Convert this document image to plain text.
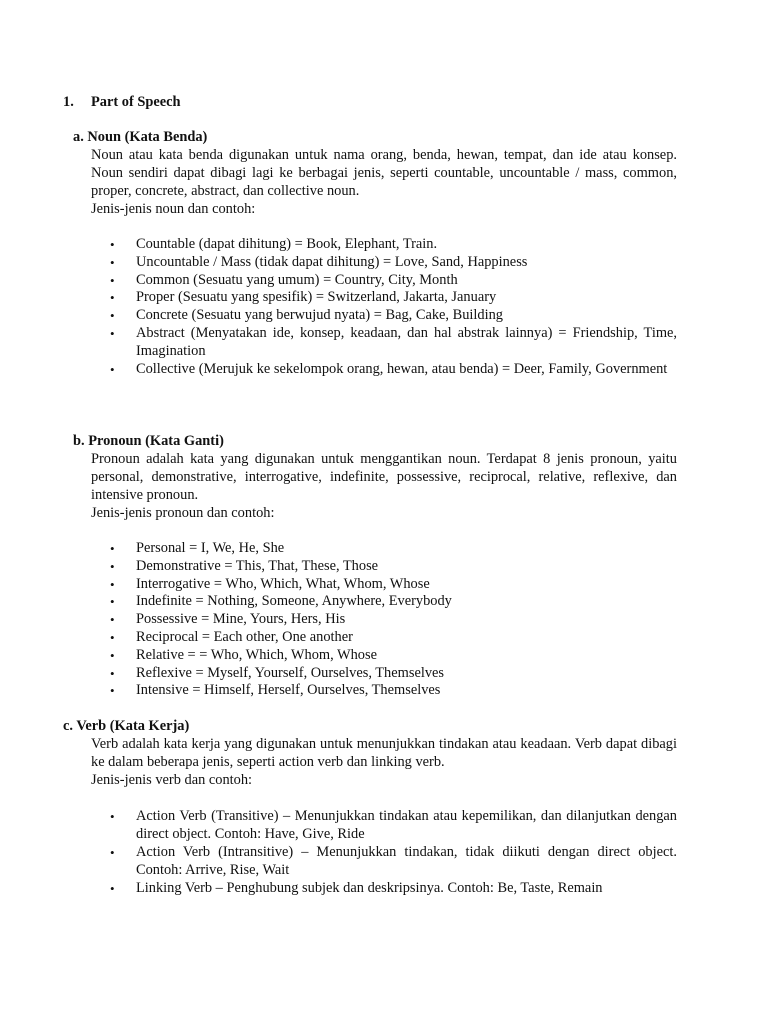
1. Part of Speech
a. Noun (Kata Benda)

Noun atau kata benda digunakan untuk nama orang, benda, hewan, tempat, dan ide atau konsep. Noun sendiri dapat dibagi lagi ke berbagai jenis, seperti countable, uncountable / mass, common, proper, concrete, abstract, dan collective noun.

Jenis-jenis noun dan contoh:
• Countable (dapat dihitung) = Book, Elephant, Train.
• Uncountable / Mass (tidak dapat dihitung) = Love, Sand, Happiness
• Common (Sesuatu yang umum) = Country, City, Month
• Proper (Sesuatu yang spesifik) = Switzerland, Jakarta, January
• Concrete (Sesuatu yang berwujud nyata) = Bag, Cake, Building
• Abstract (Menyatakan ide, konsep, keadaan, dan hal abstrak lainnya) = Friendship, Time, Imagination
• Collective (Merujuk ke sekelompok orang, hewan, atau benda) = Deer, Family, Government
b. Pronoun (Kata Ganti)

Pronoun adalah kata yang digunakan untuk menggantikan noun. Terdapat 8 jenis pronoun, yaitu personal, demonstrative, interrogative, indefinite, possessive, reciprocal, relative, reflexive, dan intensive pronoun.

Jenis-jenis pronoun dan contoh:
• Personal = I, We, He, She
• Demonstrative = This, That, These, Those
• Interrogative = Who, Which, What, Whom, Whose
• Indefinite = Nothing, Someone, Anywhere, Everybody
• Possessive = Mine, Yours, Hers, His
• Reciprocal = Each other, One another
• Relative = = Who, Which, Whom, Whose
• Reflexive = Myself, Yourself, Ourselves, Themselves
• Intensive = Himself, Herself, Ourselves, Themselves
c. Verb (Kata Kerja)

Verb adalah kata kerja yang digunakan untuk menunjukkan tindakan atau keadaan. Verb dapat dibagi ke dalam beberapa jenis, seperti action verb dan linking verb.

Jenis-jenis verb dan contoh:
• Action Verb (Transitive) – Menunjukkan tindakan atau kepemilikan, dan dilanjutkan dengan direct object. Contoh: Have, Give, Ride
• Action Verb (Intransitive) – Menunjukkan tindakan, tidak diikuti dengan direct object. Contoh: Arrive, Rise, Wait
• Linking Verb – Penghubung subjek dan deskripsinya. Contoh: Be, Taste, Remain
